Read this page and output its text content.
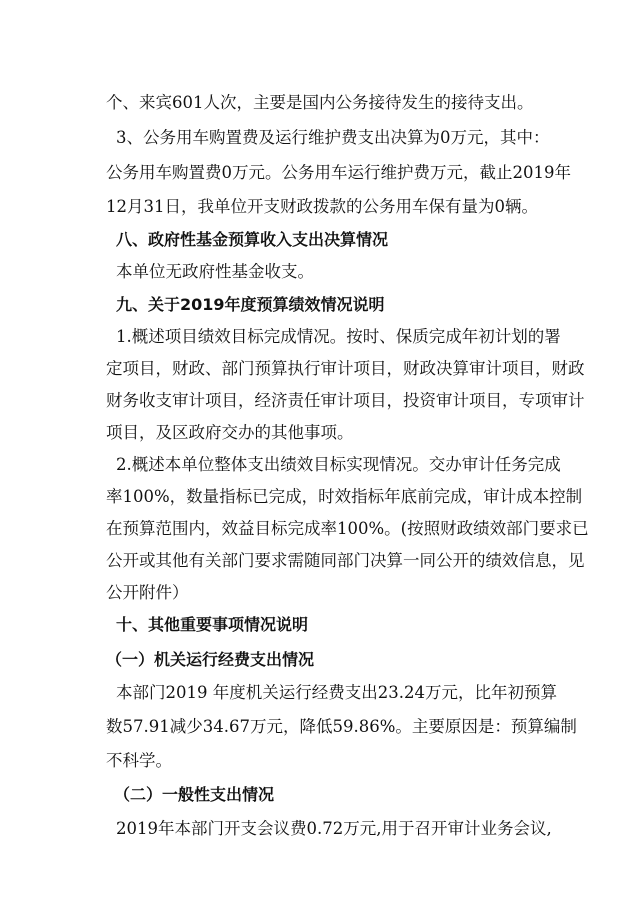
个、来宾601人次，主要是国内公务接待发生的接待支出。
3、公务用车购置费及运行维护费支出决算为0万元，其中：
公务用车购置费0万元。公务用车运行维护费万元，截止2019年
12月31日，我单位开支财政拨款的公务用车保有量为0辆。
八、政府性基金预算收入支出决算情况
本单位无政府性基金收支。
九、关于2019年度预算绩效情况说明
1.概述项目绩效目标完成情况。按时、保质完成年初计划的署
定项目，财政、部门预算执行审计项目，财政决算审计项目，财政
财务收支审计项目，经济责任审计项目，投资审计项目，专项审计
项目，及区政府交办的其他事项。
2.概述本单位整体支出绩效目标实现情况。交办审计任务完成
率100%，数量指标已完成，时效指标年底前完成，审计成本控制
在预算范围内，效益目标完成率100%。(按照财政绩效部门要求已
公开或其他有关部门要求需随同部门决算一同公开的绩效信息，见
公开附件）
十、其他重要事项情况说明
（一）机关运行经费支出情况
本部门2019 年度机关运行经费支出23.24万元，比年初预算
数57.91减少34.67万元，降低59.86%。主要原因是：预算编制
不科学。
（二）一般性支出情况
2019年本部门开支会议费0.72万元,用于召开审计业务会议,
